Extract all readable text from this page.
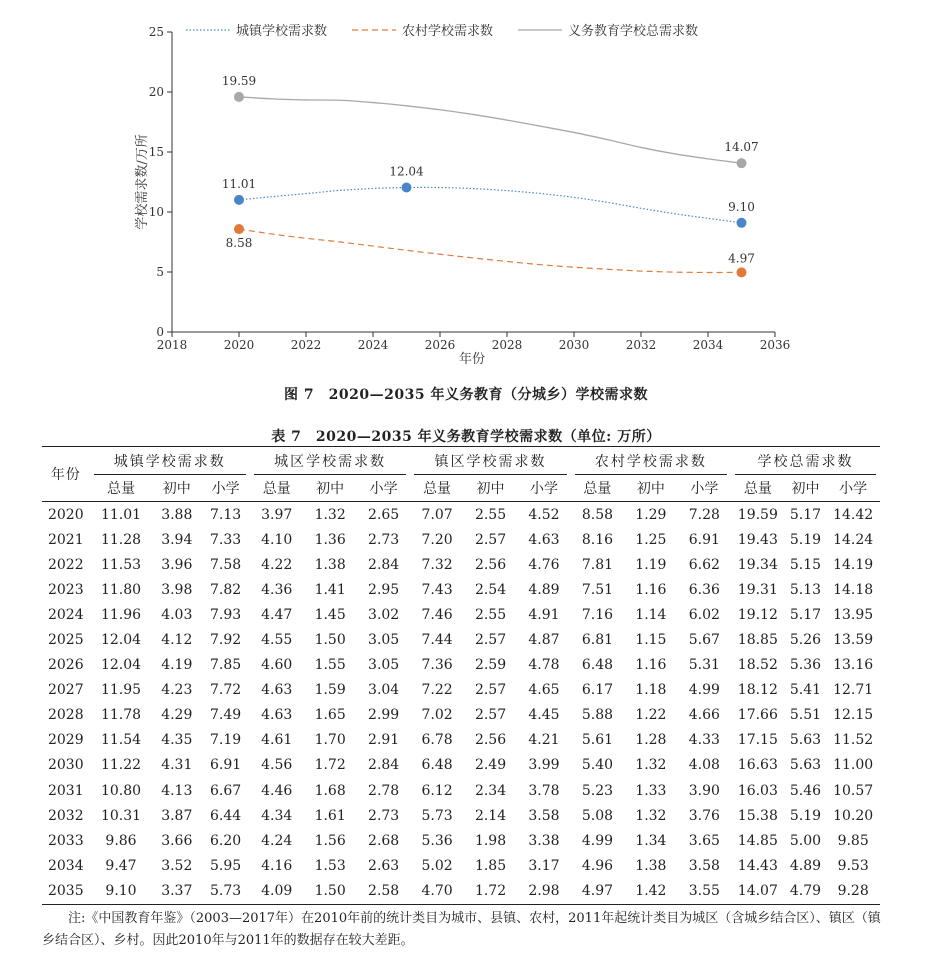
0
5
10
15
20
25
2018	2020	2022	2024	2026	2028	2030	2032	2034	2036
11.01
12.04
9.10
8.58
4.97
19.59
14.07
城镇学校需求数	农村学校需求数	义务教育学校总需求数
学校需求数/万所
年份
图 7　2020—2035 年义务教育（分城乡）学校需求数
表 7　2020—2035 年义务教育学校需求数（单位: 万所）
年份	城镇学校需求数			城区学校需求数			镇区学校需求数			农村学校需求数			学校总需求数		

	总量	初中	小学	总量	初中	小学	总量	初中	小学	总量	初中	小学	总量	初中	小学
2020	11.01	3.88	7.13	3.97	1.32	2.65	7.07	2.55	4.52	8.58	1.29	7.28	19.59	5.17	14.42
2021	11.28	3.94	7.33	4.10	1.36	2.73	7.20	2.57	4.63	8.16	1.25	6.91	19.43	5.19	14.24
2022	11.53	3.96	7.58	4.22	1.38	2.84	7.32	2.56	4.76	7.81	1.19	6.62	19.34	5.15	14.19
2023	11.80	3.98	7.82	4.36	1.41	2.95	7.43	2.54	4.89	7.51	1.16	6.36	19.31	5.13	14.18
2024	11.96	4.03	7.93	4.47	1.45	3.02	7.46	2.55	4.91	7.16	1.14	6.02	19.12	5.17	13.95
2025	12.04	4.12	7.92	4.55	1.50	3.05	7.44	2.57	4.87	6.81	1.15	5.67	18.85	5.26	13.59
2026	12.04	4.19	7.85	4.60	1.55	3.05	7.36	2.59	4.78	6.48	1.16	5.31	18.52	5.36	13.16
2027	11.95	4.23	7.72	4.63	1.59	3.04	7.22	2.57	4.65	6.17	1.18	4.99	18.12	5.41	12.71
2028	11.78	4.29	7.49	4.63	1.65	2.99	7.02	2.57	4.45	5.88	1.22	4.66	17.66	5.51	12.15
2029	11.54	4.35	7.19	4.61	1.70	2.91	6.78	2.56	4.21	5.61	1.28	4.33	17.15	5.63	11.52
2030	11.22	4.31	6.91	4.56	1.72	2.84	6.48	2.49	3.99	5.40	1.32	4.08	16.63	5.63	11.00
2031	10.80	4.13	6.67	4.46	1.68	2.78	6.12	2.34	3.78	5.23	1.33	3.90	16.03	5.46	10.57
2032	10.31	3.87	6.44	4.34	1.61	2.73	5.73	2.14	3.58	5.08	1.32	3.76	15.38	5.19	10.20
2033	9.86	3.66	6.20	4.24	1.56	2.68	5.36	1.98	3.38	4.99	1.34	3.65	14.85	5.00	9.85
2034	9.47	3.52	5.95	4.16	1.53	2.63	5.02	1.85	3.17	4.96	1.38	3.58	14.43	4.89	9.53
2035	9.10	3.37	5.73	4.09	1.50	2.58	4.70	1.72	2.98	4.97	1.42	3.55	14.07	4.79	9.28
注:《中国教育年鉴》（2003—2017年）在2010年前的统计类目为城市、县镇、农村，2011年起统计类目为城区（含城乡结合区）、镇区（镇乡结合区）、乡村。因此2010年与2011年的数据存在较大差距。
